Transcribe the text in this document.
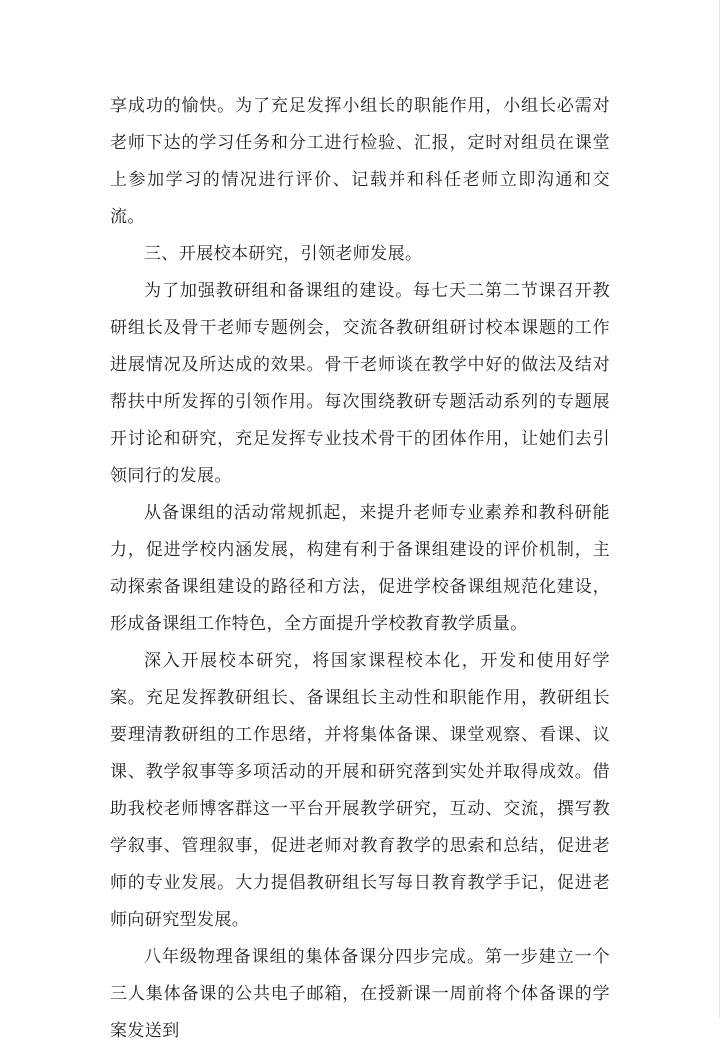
享成功的愉快。为了充足发挥小组长的职能作用，小组长必需对老师下达的学习任务和分工进行检验、汇报，定时对组员在课堂上参加学习的情况进行评价、记载并和科任老师立即沟通和交流。

三、开展校本研究，引领老师发展。

为了加强教研组和备课组的建设。每七天二第二节课召开教研组长及骨干老师专题例会，交流各教研组研讨校本课题的工作进展情况及所达成的效果。骨干老师谈在教学中好的做法及结对帮扶中所发挥的引领作用。每次围绕教研专题活动系列的专题展开讨论和研究，充足发挥专业技术骨干的团体作用，让她们去引领同行的发展。

从备课组的活动常规抓起，来提升老师专业素养和教科研能力，促进学校内涵发展，构建有利于备课组建设的评价机制，主动探索备课组建设的路径和方法，促进学校备课组规范化建设，形成备课组工作特色，全方面提升学校教育教学质量。

深入开展校本研究，将国家课程校本化，开发和使用好学案。充足发挥教研组长、备课组长主动性和职能作用，教研组长要理清教研组的工作思绪，并将集体备课、课堂观察、看课、议课、教学叙事等多项活动的开展和研究落到实处并取得成效。借助我校老师博客群这一平台开展教学研究，互动、交流，撰写教学叙事、管理叙事，促进老师对教育教学的思索和总结，促进老师的专业发展。大力提倡教研组长写每日教育教学手记，促进老师向研究型发展。

八年级物理备课组的集体备课分四步完成。第一步建立一个三人集体备课的公共电子邮箱，在授新课一周前将个体备课的学案发送到
